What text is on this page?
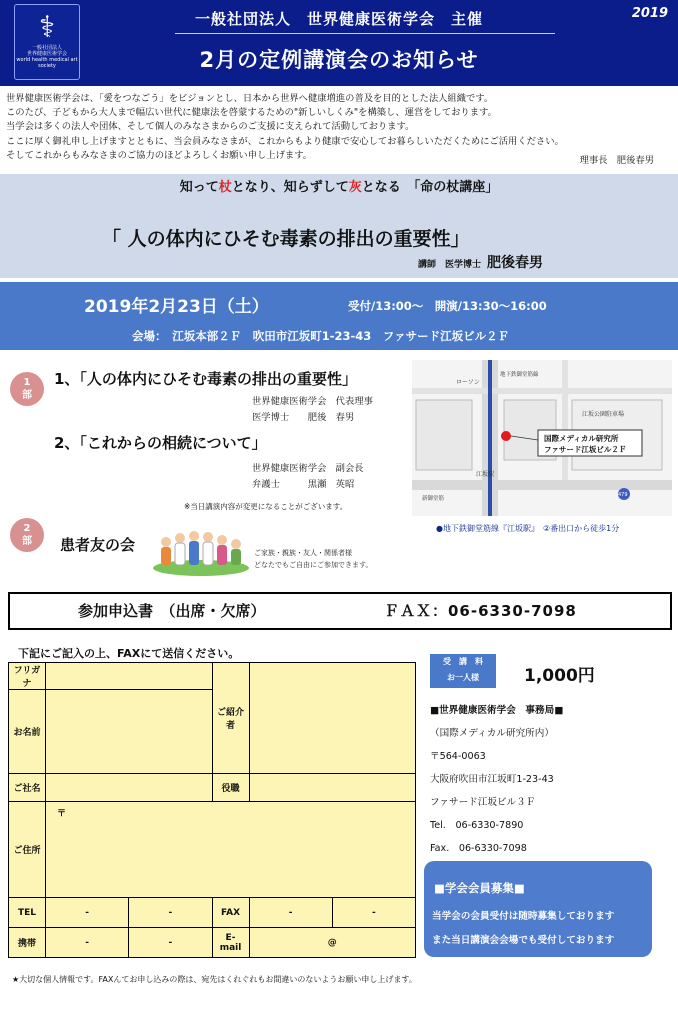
⚕
一般社団法人
世界健康医術学会
world health medical art society
一般社団法人　世界健康医術学会　主催
2月の定例講演会のお知らせ
2019

世界健康医術学会は、「愛をつなごう」をビジョンとし、日本から世界へ健康増進の普及を目的とした法人組織です。

このたび、子どもから大人まで幅広い世代に健康法を啓蒙するための"新しいしくみ"を構築し、運営をしております。

当学会は多くの法人や団体、そして個人のみなさまからのご支援に支えられて活動しております。

ここに厚く御礼申し上げますとともに、当会員みなさまが、これからもより健康で安心してお暮らしいただくためにご活用ください。

そしてこれからもみなさまのご協力のほどよろしくお願い申し上げます。	理事長　肥後春男
知って杖となり、知らずして灰となる　「命の杖講座」
「 人の体内にひそむ毒素の排出の重要性」
講師　医学博士 肥後春男
2019年2月23日（土）	受付/13:00～　開演/13:30～16:00
会場：　江坂本部２Ｆ　吹田市江坂町1-23-43　ファサード江坂ビル２Ｆ
1
部
1、「人の体内にひそむ毒素の排出の重要性」
世界健康医術学会　代表理事
医学博士　　肥後　春男
2、「これからの相続について」
世界健康医術学会　副会長
弁護士　　　黒瀬　英昭
※当日講演内容が変更になることがございます。
2
部 患者友の会	ご家族・親族・友人・関係者様
どなたでもご自由にご参加できます。
国際メディカル研究所
ファサード江坂ビル２Ｆ
ローソン
江坂公園駐車場
江坂駅
地下鉄御堂筋線
新御堂筋
479
●地下鉄御堂筋線『江坂駅』　②番出口から徒歩1分
参加申込書　（出席・欠席）	ＦＡＸ：06-6330-7098
下記にご記入の上、FAXにて送信ください。
フリガナ			ご紹介者		
お名前					

ご社名			役職		
ご住所	〒				
TEL	-	-	FAX	-	-
携帯	-	-	E-mail	@	
受　講　料
お一人様	1,000円
■世界健康医術学会　事務局■
（国際メディカル研究所内）
〒564-0063
大阪府吹田市江坂町1-23-43
ファサード江坂ビル３Ｆ
Tel.　06-6330-7890
Fax.　06-6330-7098
■学会会員募集■
当学会の会員受付は随時募集しております
また当日講演会会場でも受付しております
★大切な個人情報です。FAXんてお申し込みの際は、宛先はくれぐれもお間違いのないようお願い申し上げます。
